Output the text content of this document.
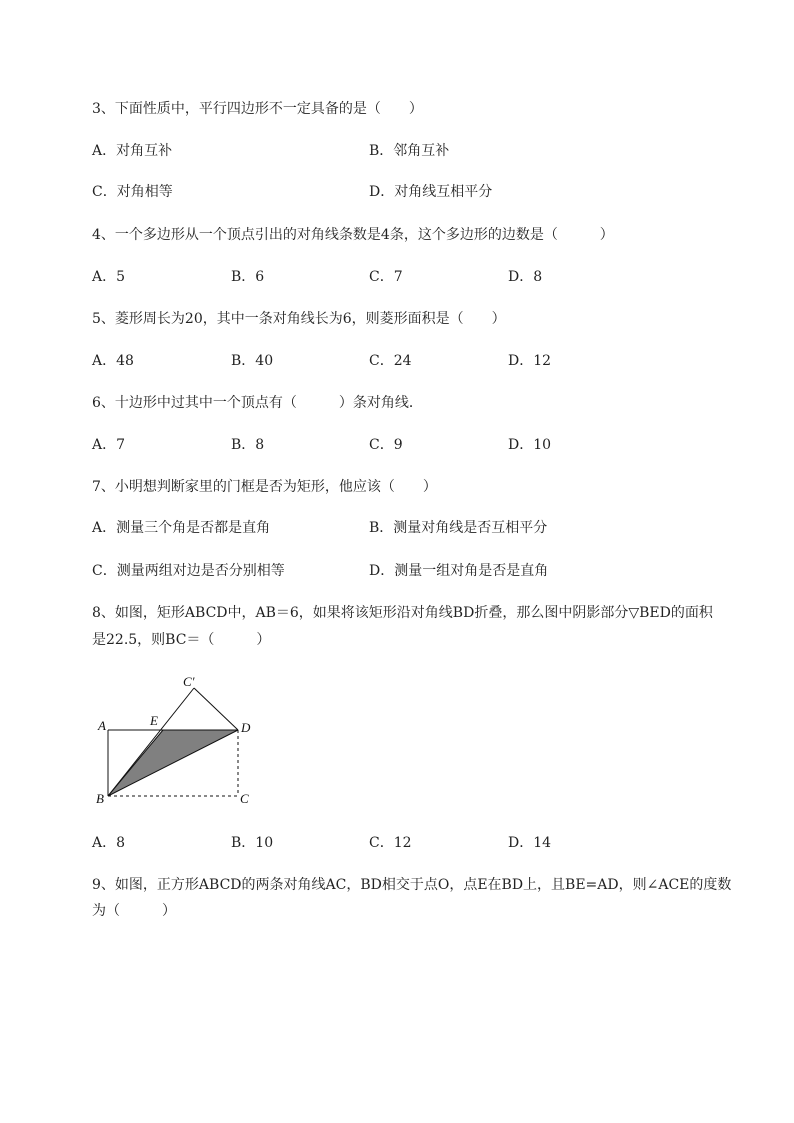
3、下面性质中，平行四边形不一定具备的是（　　）
A．对角互补	B．邻角互补
C．对角相等	D．对角线互相平分
4、一个多边形从一个顶点引出的对角线条数是4条，这个多边形的边数是（　　　）
A．5	B．6	C．7	D．8
5、菱形周长为20，其中一条对角线长为6，则菱形面积是（　　）
A．48	B．40	C．24	D．12
6、十边形中过其中一个顶点有（　　　）条对角线．
A．7	B．8	C．9	D．10
7、小明想判断家里的门框是否为矩形，他应该（　　）
A．测量三个角是否都是直角	B．测量对角线是否互相平分
C．测量两组对边是否分别相等	D．测量一组对角是否是直角
8、如图，矩形ABCD中，AB＝6，如果将该矩形沿对角线BD折叠，那么图中阴影部分▽BED的面积
是22.5，则BC＝（　　　）
C′
A	E	D
B	C
A．8	B．10	C．12	D．14
9、如图，正方形ABCD的两条对角线AC，BD相交于点O，点E在BD上，且BE=AD，则∠ACE的度数
为（　　　）
